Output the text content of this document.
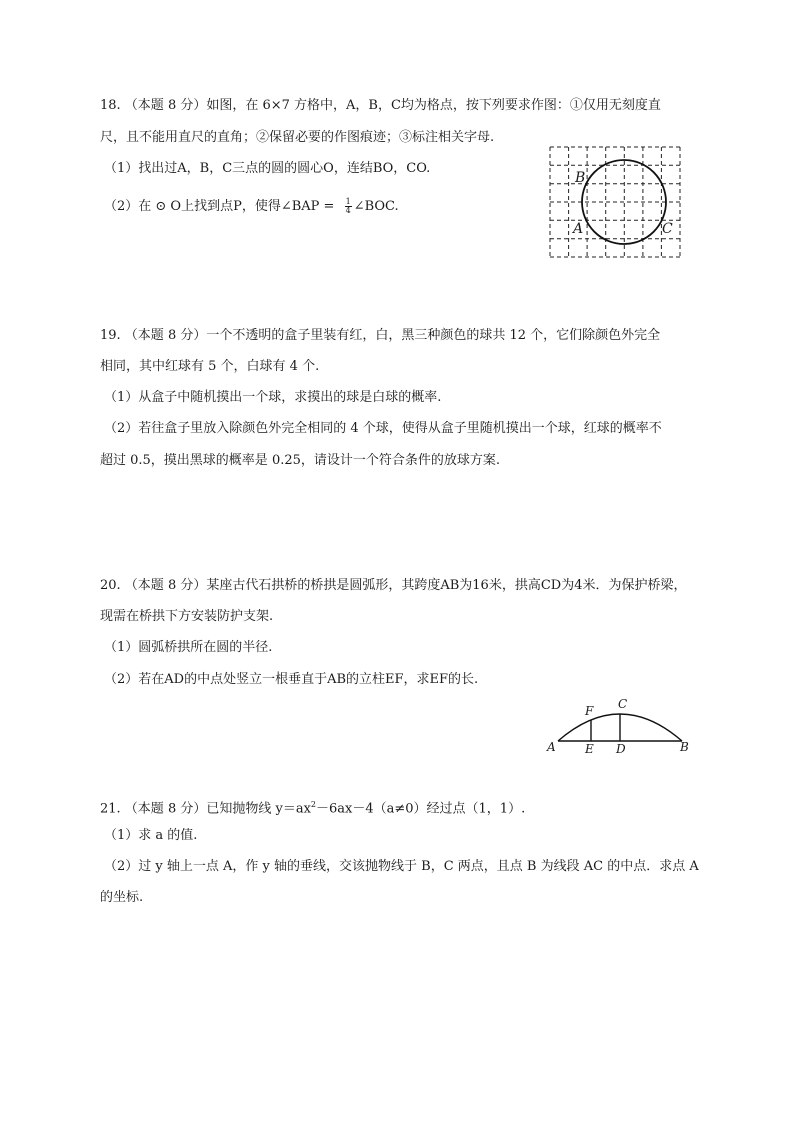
18. （本题 8 分）如图，在 6×7 方格中，A，B，C均为格点，按下列要求作图：①仅用无刻度直
尺，且不能用直尺的直角；②保留必要的作图痕迹；③标注相关字母.
（1）找出过A，B，C三点的圆的圆心O，连结BO，CO.
（2）在 ⊙ O上找到点P，使得∠BAP = $\frac{1}{4}$ ∠BOC.
B
A	C
19. （本题 8 分）一个不透明的盒子里装有红，白，黑三种颜色的球共 12 个，它们除颜色外完全
相同，其中红球有 5 个，白球有 4 个.
（1）从盒子中随机摸出一个球，求摸出的球是白球的概率.
（2）若往盒子里放入除颜色外完全相同的 4 个球，使得从盒子里随机摸出一个球，红球的概率不
超过 0.5，摸出黑球的概率是 0.25，请设计一个符合条件的放球方案.
20. （本题 8 分）某座古代石拱桥的桥拱是圆弧形，其跨度AB为16米，拱高CD为4米．为保护桥梁，
现需在桥拱下方安装防护支架.
（1）圆弧桥拱所在圆的半径.
（2）若在AD的中点处竖立一根垂直于AB的立柱EF，求EF的长.
A E D	B
F C
21. （本题 8 分）已知抛物线 $y=ax^2-6ax-4(a\ne 0)$经过点（1，1）.
（1）求 a 的值.
（2）过 y 轴上一点 A，作 y 轴的垂线，交该抛物线于 B，C 两点，且点 B 为线段 AC 的中点．求点 A
的坐标.
